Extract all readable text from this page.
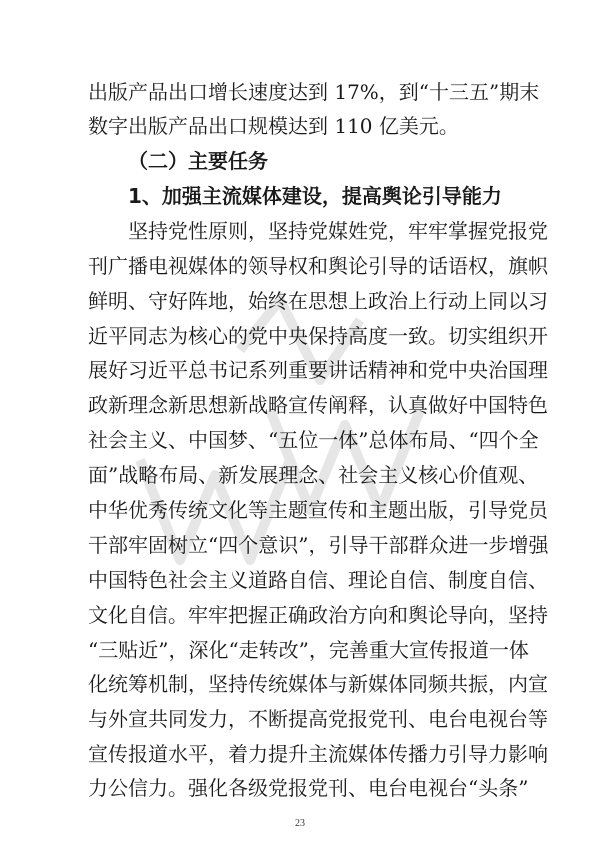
出版产品出口增长速度达到 17%，到“十三五”期末

数字出版产品出口规模达到 110 亿美元。

（二）主要任务

1、加强主流媒体建设，提高舆论引导能力

坚持党性原则，坚持党媒姓党，牢牢掌握党报党

刊广播电视媒体的领导权和舆论引导的话语权，旗帜

鲜明、守好阵地，始终在思想上政治上行动上同以习

近平同志为核心的党中央保持高度一致。切实组织开

展好习近平总书记系列重要讲话精神和党中央治国理

政新理念新思想新战略宣传阐释，认真做好中国特色

社会主义、中国梦、“五位一体”总体布局、“四个全

面”战略布局、新发展理念、社会主义核心价值观、

中华优秀传统文化等主题宣传和主题出版，引导党员

干部牢固树立“四个意识”，引导干部群众进一步增强

中国特色社会主义道路自信、理论自信、制度自信、

文化自信。牢牢把握正确政治方向和舆论导向，坚持

“三贴近”，深化“走转改”，完善重大宣传报道一体

化统筹机制，坚持传统媒体与新媒体同频共振，内宣

与外宣共同发力，不断提高党报党刊、电台电视台等

宣传报道水平，着力提升主流媒体传播力引导力影响

力公信力。强化各级党报党刊、电台电视台“头条”

23
